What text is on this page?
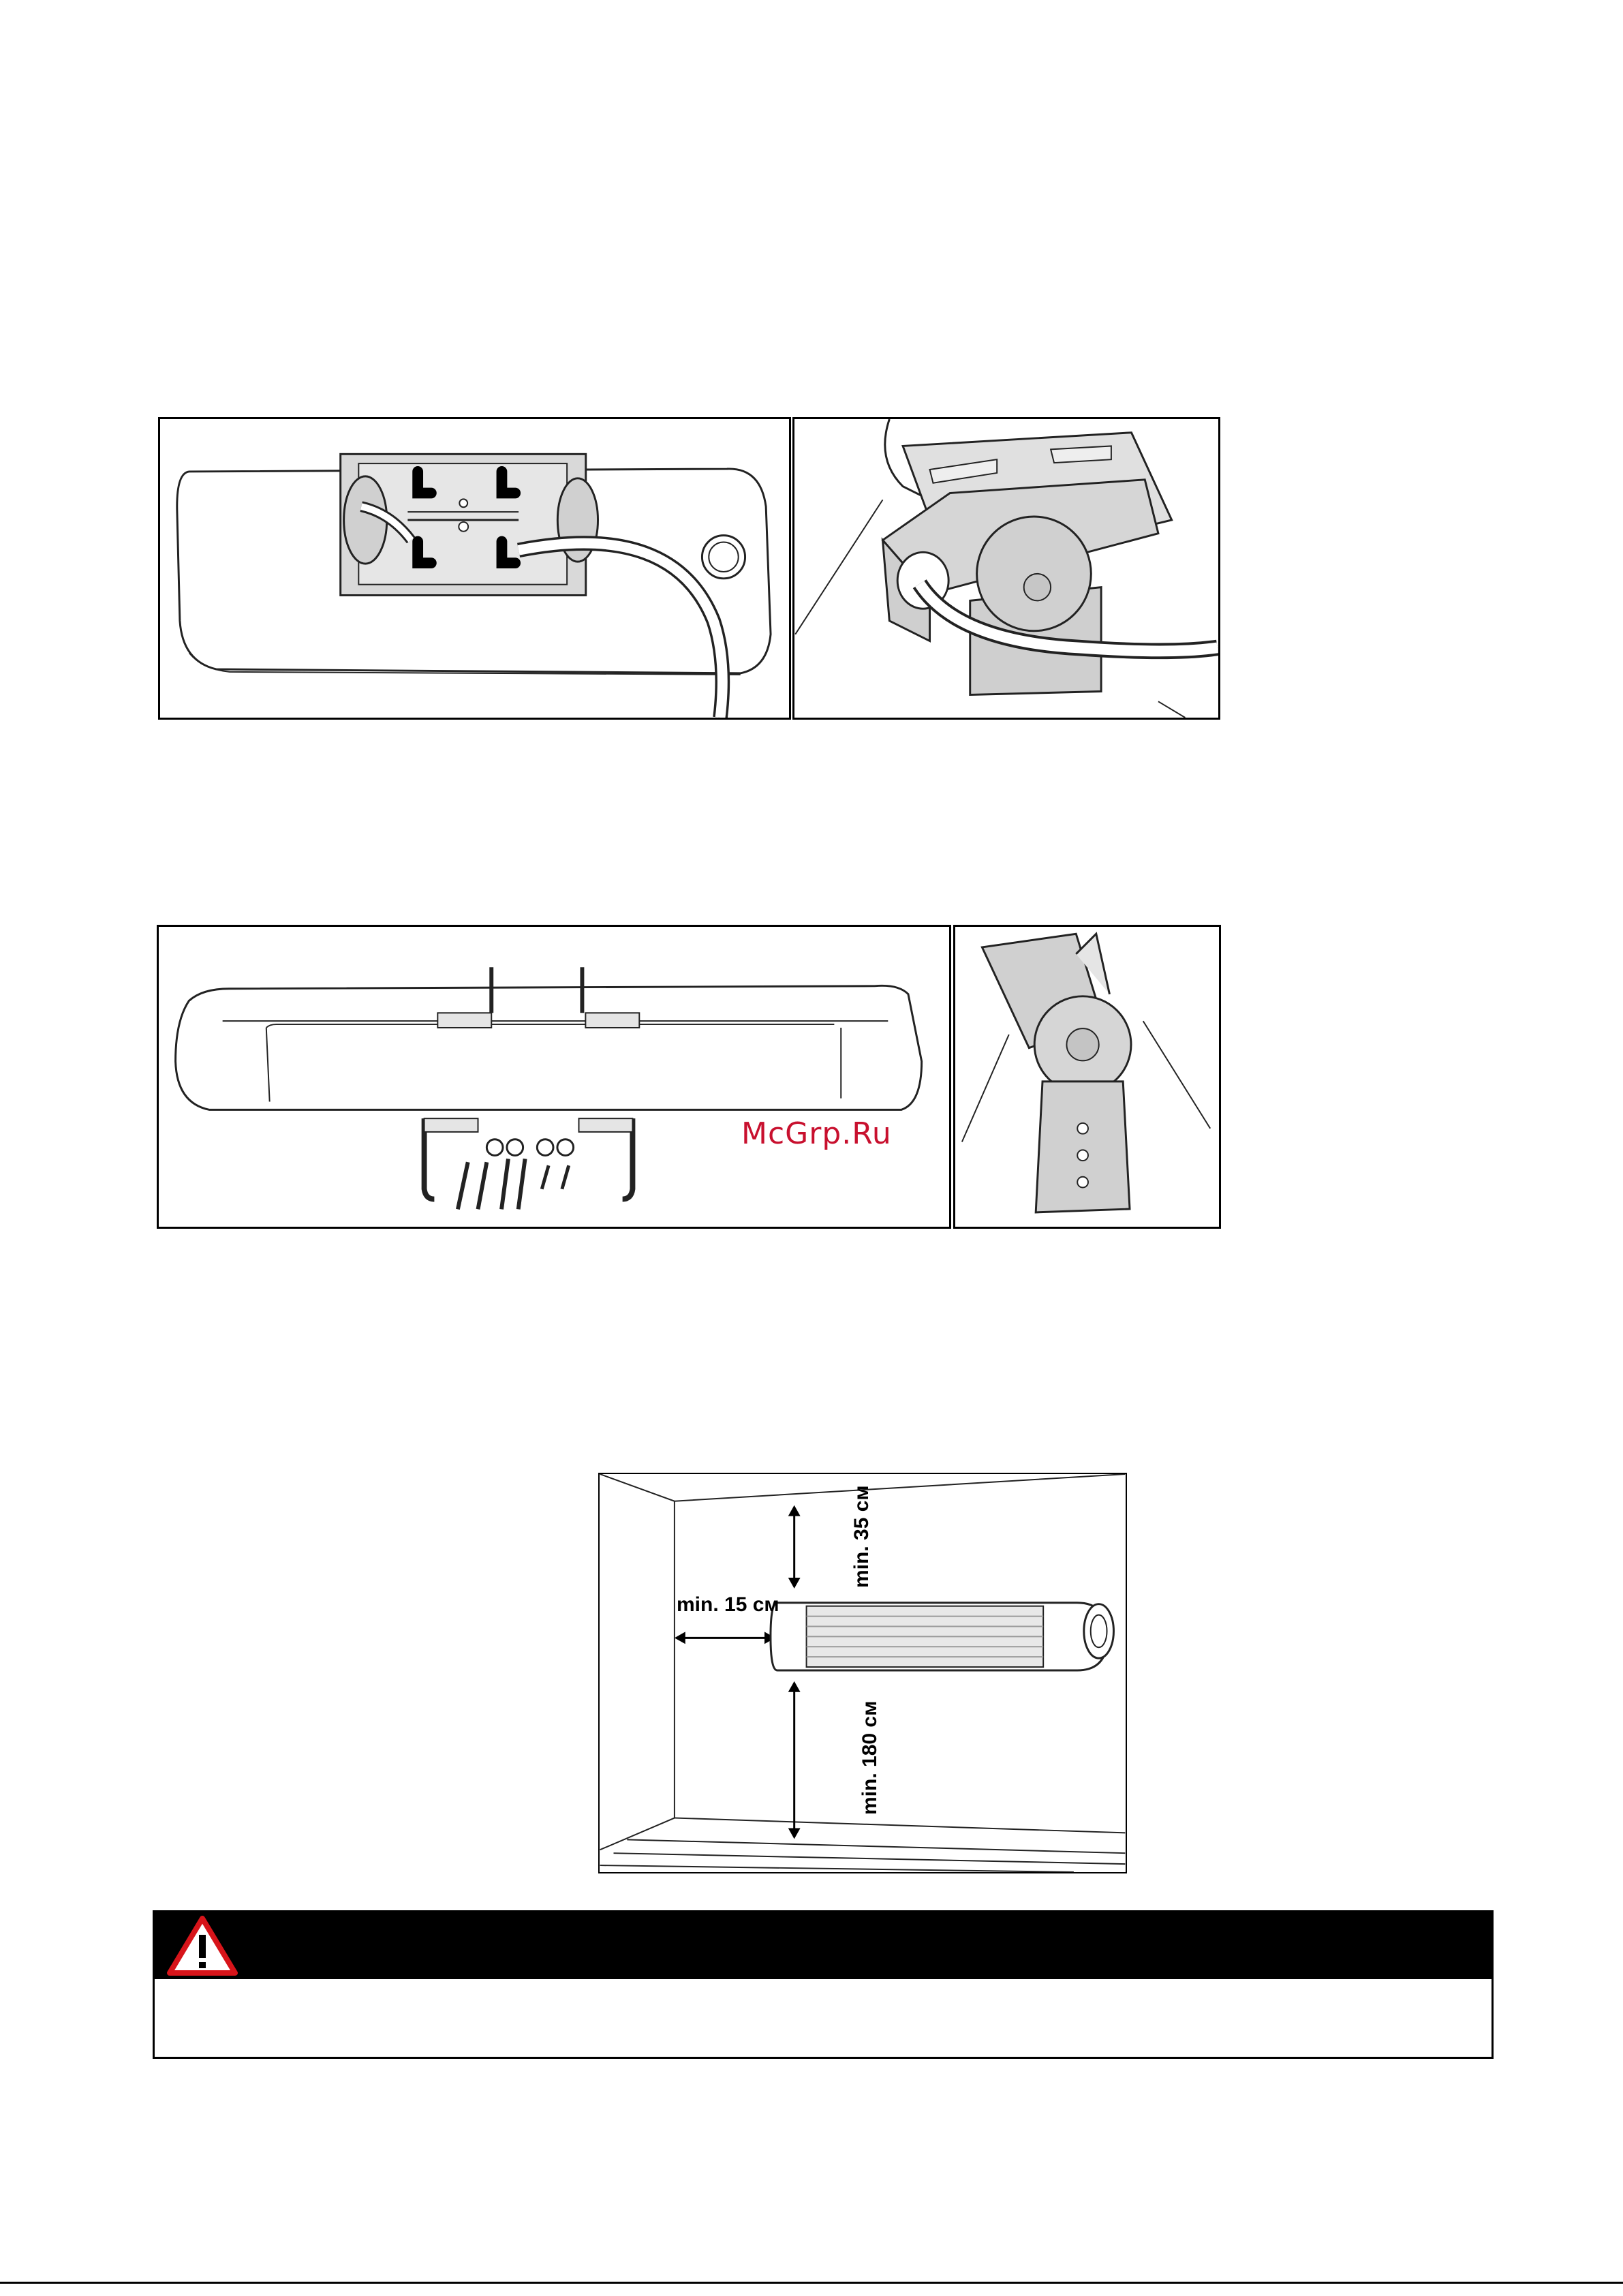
McGrp.Ru
min. 15 см
min. 35 см
min. 180 см
